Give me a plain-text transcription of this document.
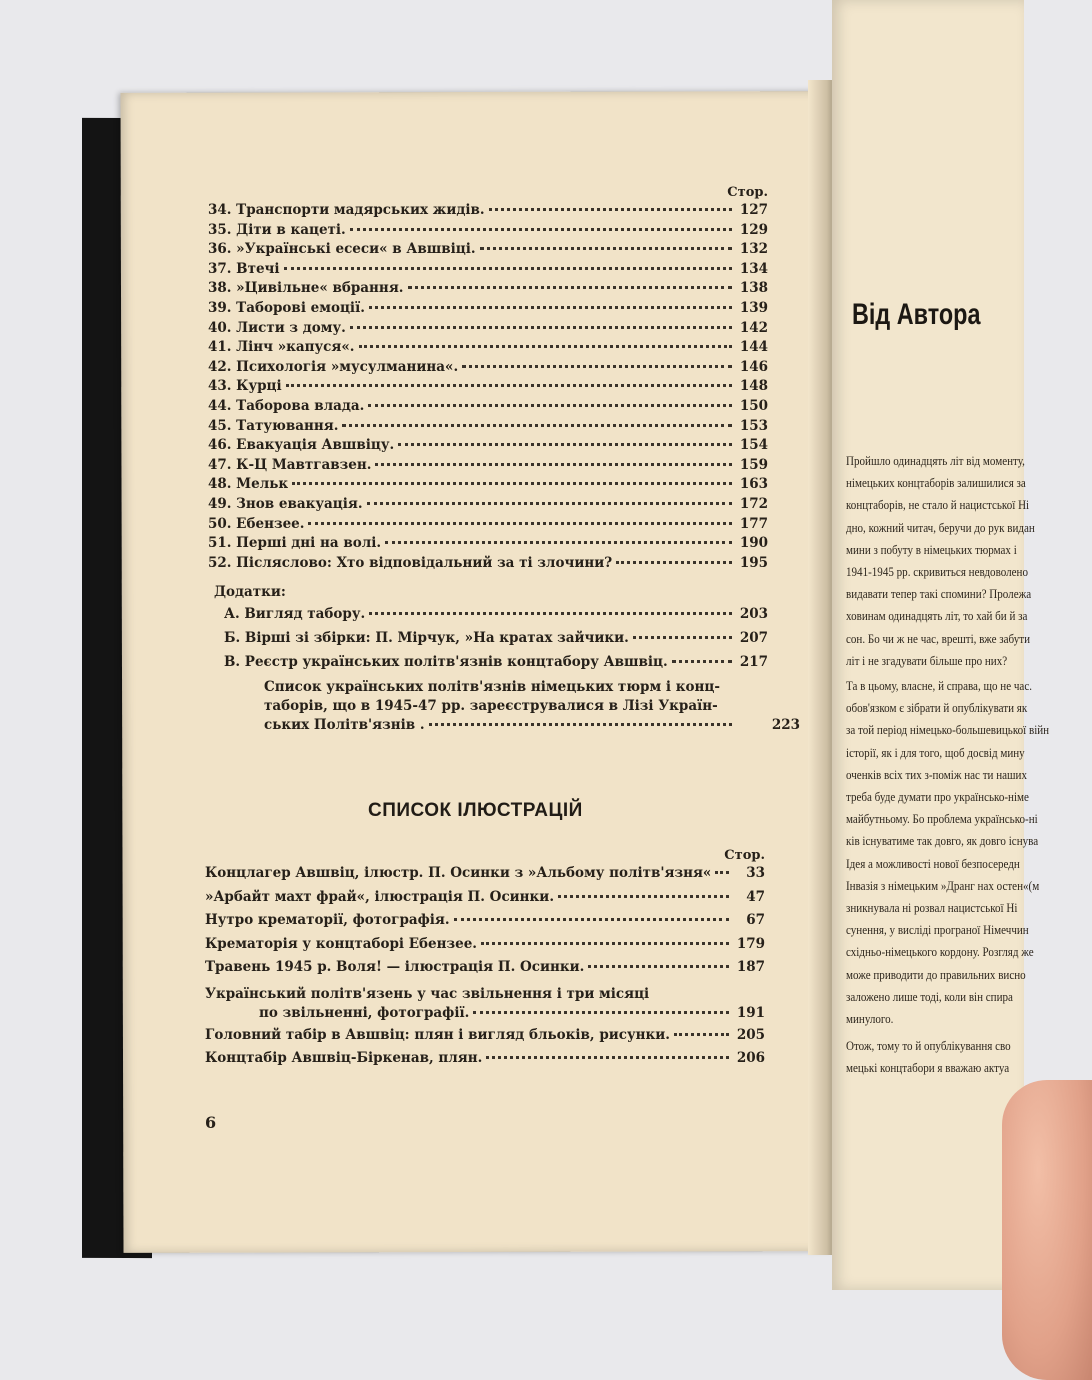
Стор.
34. Транспорти мадярських жидів.	127
35. Діти в кацеті.	129
36. »Українські есеси« в Авшвіці.	132
37. Втечі	134
38. »Цивільне« вбрання.	138
39. Таборові емоції.	139
40. Листи з дому.	142
41. Лінч »капуся«.	144
42. Психологія »мусулманина«.	146
43. Курці	148
44. Таборова влада.	150
45. Татуювання.	153
46. Евакуація Авшвіцу.	154
47. К-Ц Мавтгавзен.	159
48. Мельк	163
49. Знов евакуація.	172
50. Ебензее.	177
51. Перші дні на волі.	190
52. Післяслово: Хто відповідальний за ті злочини?	195
Додатки:
А. Вигляд табору.	203
Б. Вірші зі збірки: П. Мірчук, »На кратах зайчики.	207
В. Реєстр українських політв'язнів концтабору Авшвіц.	217
Список українських політв'язнів німецьких тюрм і конц-
таборів, що в 1945-47 рр. зареєструвалися в Лізі Україн-
ських Політв'язнів .	223
СПИСОК ІЛЮСТРАЦІЙ
Стор.
Концлагер Авшвіц, ілюстр. П. Осинки з »Альбому політв'язня«	33
»Арбайт махт фрай«, ілюстрація П. Осинки.	47
Нутро крематорії, фотографія.	67
Крематорія у концтаборі Ебензее.	179
Травень 1945 р. Воля! — ілюстрація П. Осинки.	187
Український політв'язень у час звільнення і три місяці
по звільненні, фотографії.	191
Головний табір в Авшвіц: плян і вигляд бльоків, рисунки.	205
Концтабір Авшвіц-Біркенав, плян.	206
6
Від Автора
Пройшло одинадцять літ від моменту,
німецьких концтаборів залишилися за
концтаборів, не стало й нацистської Ні
дно, кожний читач, беручи до рук видан
мини з побуту в німецьких тюрмах і
1941-1945 рр. скривиться невдоволено
видавати тепер такі спомини? Пролежа
ховинам одинадцять літ, то хай би й за
сон. Бо чи ж не час, врешті, вже забути
літ і не згадувати більше про них?
Та в цьому, власне, й справа, що не час.
обов'язком є зібрати й опублікувати як
за той період німецько-большевицької війн
історії, як і для того, щоб досвід мину
оченків всіх тих з-поміж нас ти наших
треба буде думати про українсько-німе
майбутньому. Бо проблема українсько-ні
ків існуватиме так довго, як довго існува
Ідея а можливості нової безпосередн
Інвазія з німецьким »Дранг нах остен«(м
зникнувала ні розвал нацистської Ні
сунення, у висліді програної Німеччин
східньо-німецького кордону. Розгляд же
може приводити до правильних висно
заложено лише тоді, коли він спира
минулого.
Отож, тому то й опублікування сво
мецькі концтабори я вважаю актуа
